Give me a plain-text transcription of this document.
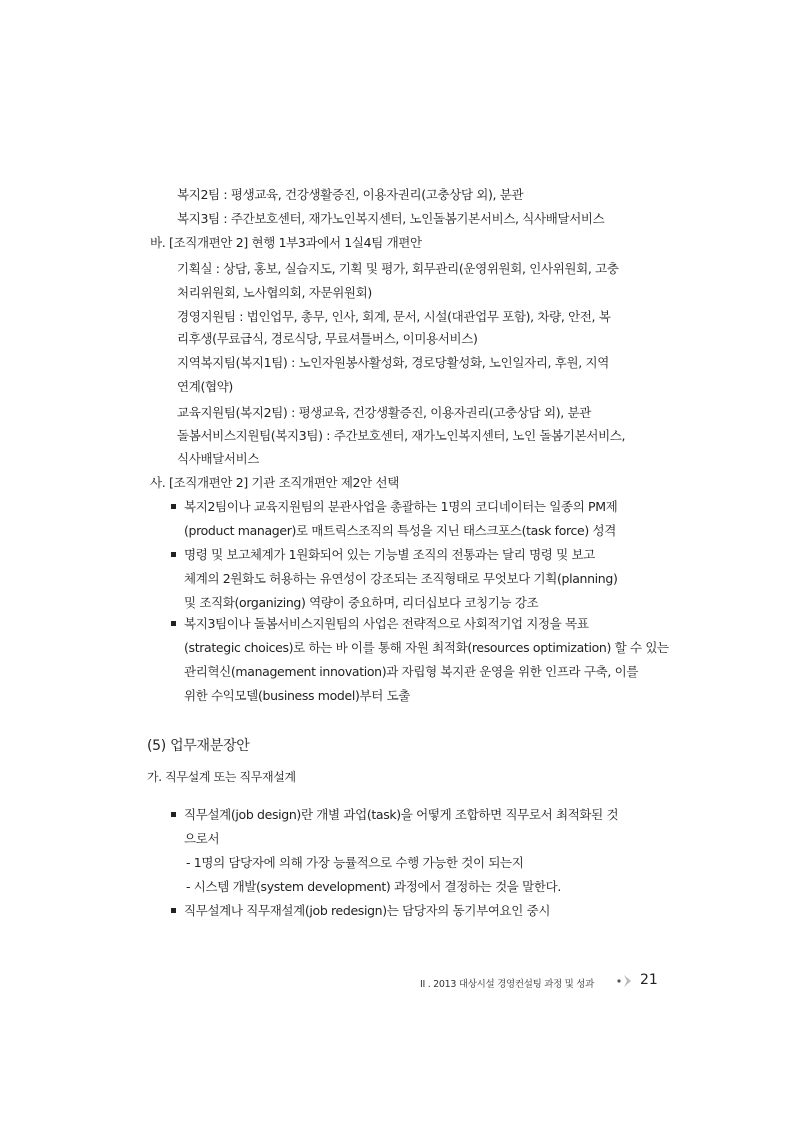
복지2팀 : 평생교육, 건강생활증진, 이용자권리(고충상담 외), 분관
복지3팀 : 주간보호센터, 재가노인복지센터, 노인돌봄기본서비스, 식사배달서비스
바. [조직개편안 2] 현행 1부3과에서 1실4팀 개편안
기획실 : 상담, 홍보, 실습지도, 기획 및 평가, 회무관리(운영위원회, 인사위원회, 고충
처리위원회, 노사협의회, 자문위원회)
경영지원팀 : 법인업무, 총무, 인사, 회계, 문서, 시설(대관업무 포함), 차량, 안전, 복
리후생(무료급식, 경로식당, 무료셔틀버스, 이미용서비스)
지역복지팀(복지1팀) : 노인자원봉사활성화, 경로당활성화, 노인일자리, 후원, 지역
연계(협약)
교육지원팀(복지2팀) : 평생교육, 건강생활증진, 이용자권리(고충상담 외), 분관
돌봄서비스지원팀(복지3팀) : 주간보호센터, 재가노인복지센터, 노인 돌봄기본서비스,
식사배달서비스
사. [조직개편안 2] 기관 조직개편안 제2안 선택
복지2팀이나 교육지원팀의 분관사업을 총괄하는 1명의 코디네이터는 일종의 PM제
(product manager)로 매트릭스조직의 특성을 지닌 태스크포스(task force) 성격
명령 및 보고체계가 1원화되어 있는 기능별 조직의 전통과는 달리 명령 및 보고
체계의 2원화도 허용하는 유연성이 강조되는 조직형태로 무엇보다 기획(planning)
및 조직화(organizing) 역량이 중요하며, 리더십보다 코칭기능 강조
복지3팀이나 돌봄서비스지원팀의 사업은 전략적으로 사회적기업 지정을 목표
(strategic choices)로 하는 바 이를 통해 자원 최적화(resources optimization) 할 수 있는
관리혁신(management innovation)과 자립형 복지관 운영을 위한 인프라 구축, 이를
위한 수익모델(business model)부터 도출
(5) 업무재분장안
가. 직무설계 또는 직무재설계
직무설계(job design)란 개별 과업(task)을 어떻게 조합하면 직무로서 최적화된 것
으로서
- 1명의 담당자에 의해 가장 능률적으로 수행 가능한 것이 되는지
- 시스템 개발(system development) 과정에서 결정하는 것을 말한다.
직무설계나 직무재설계(job redesign)는 담당자의 동기부여요인 중시
II . 2013 대상시설 경영컨설팅 과정 및 성과	21
